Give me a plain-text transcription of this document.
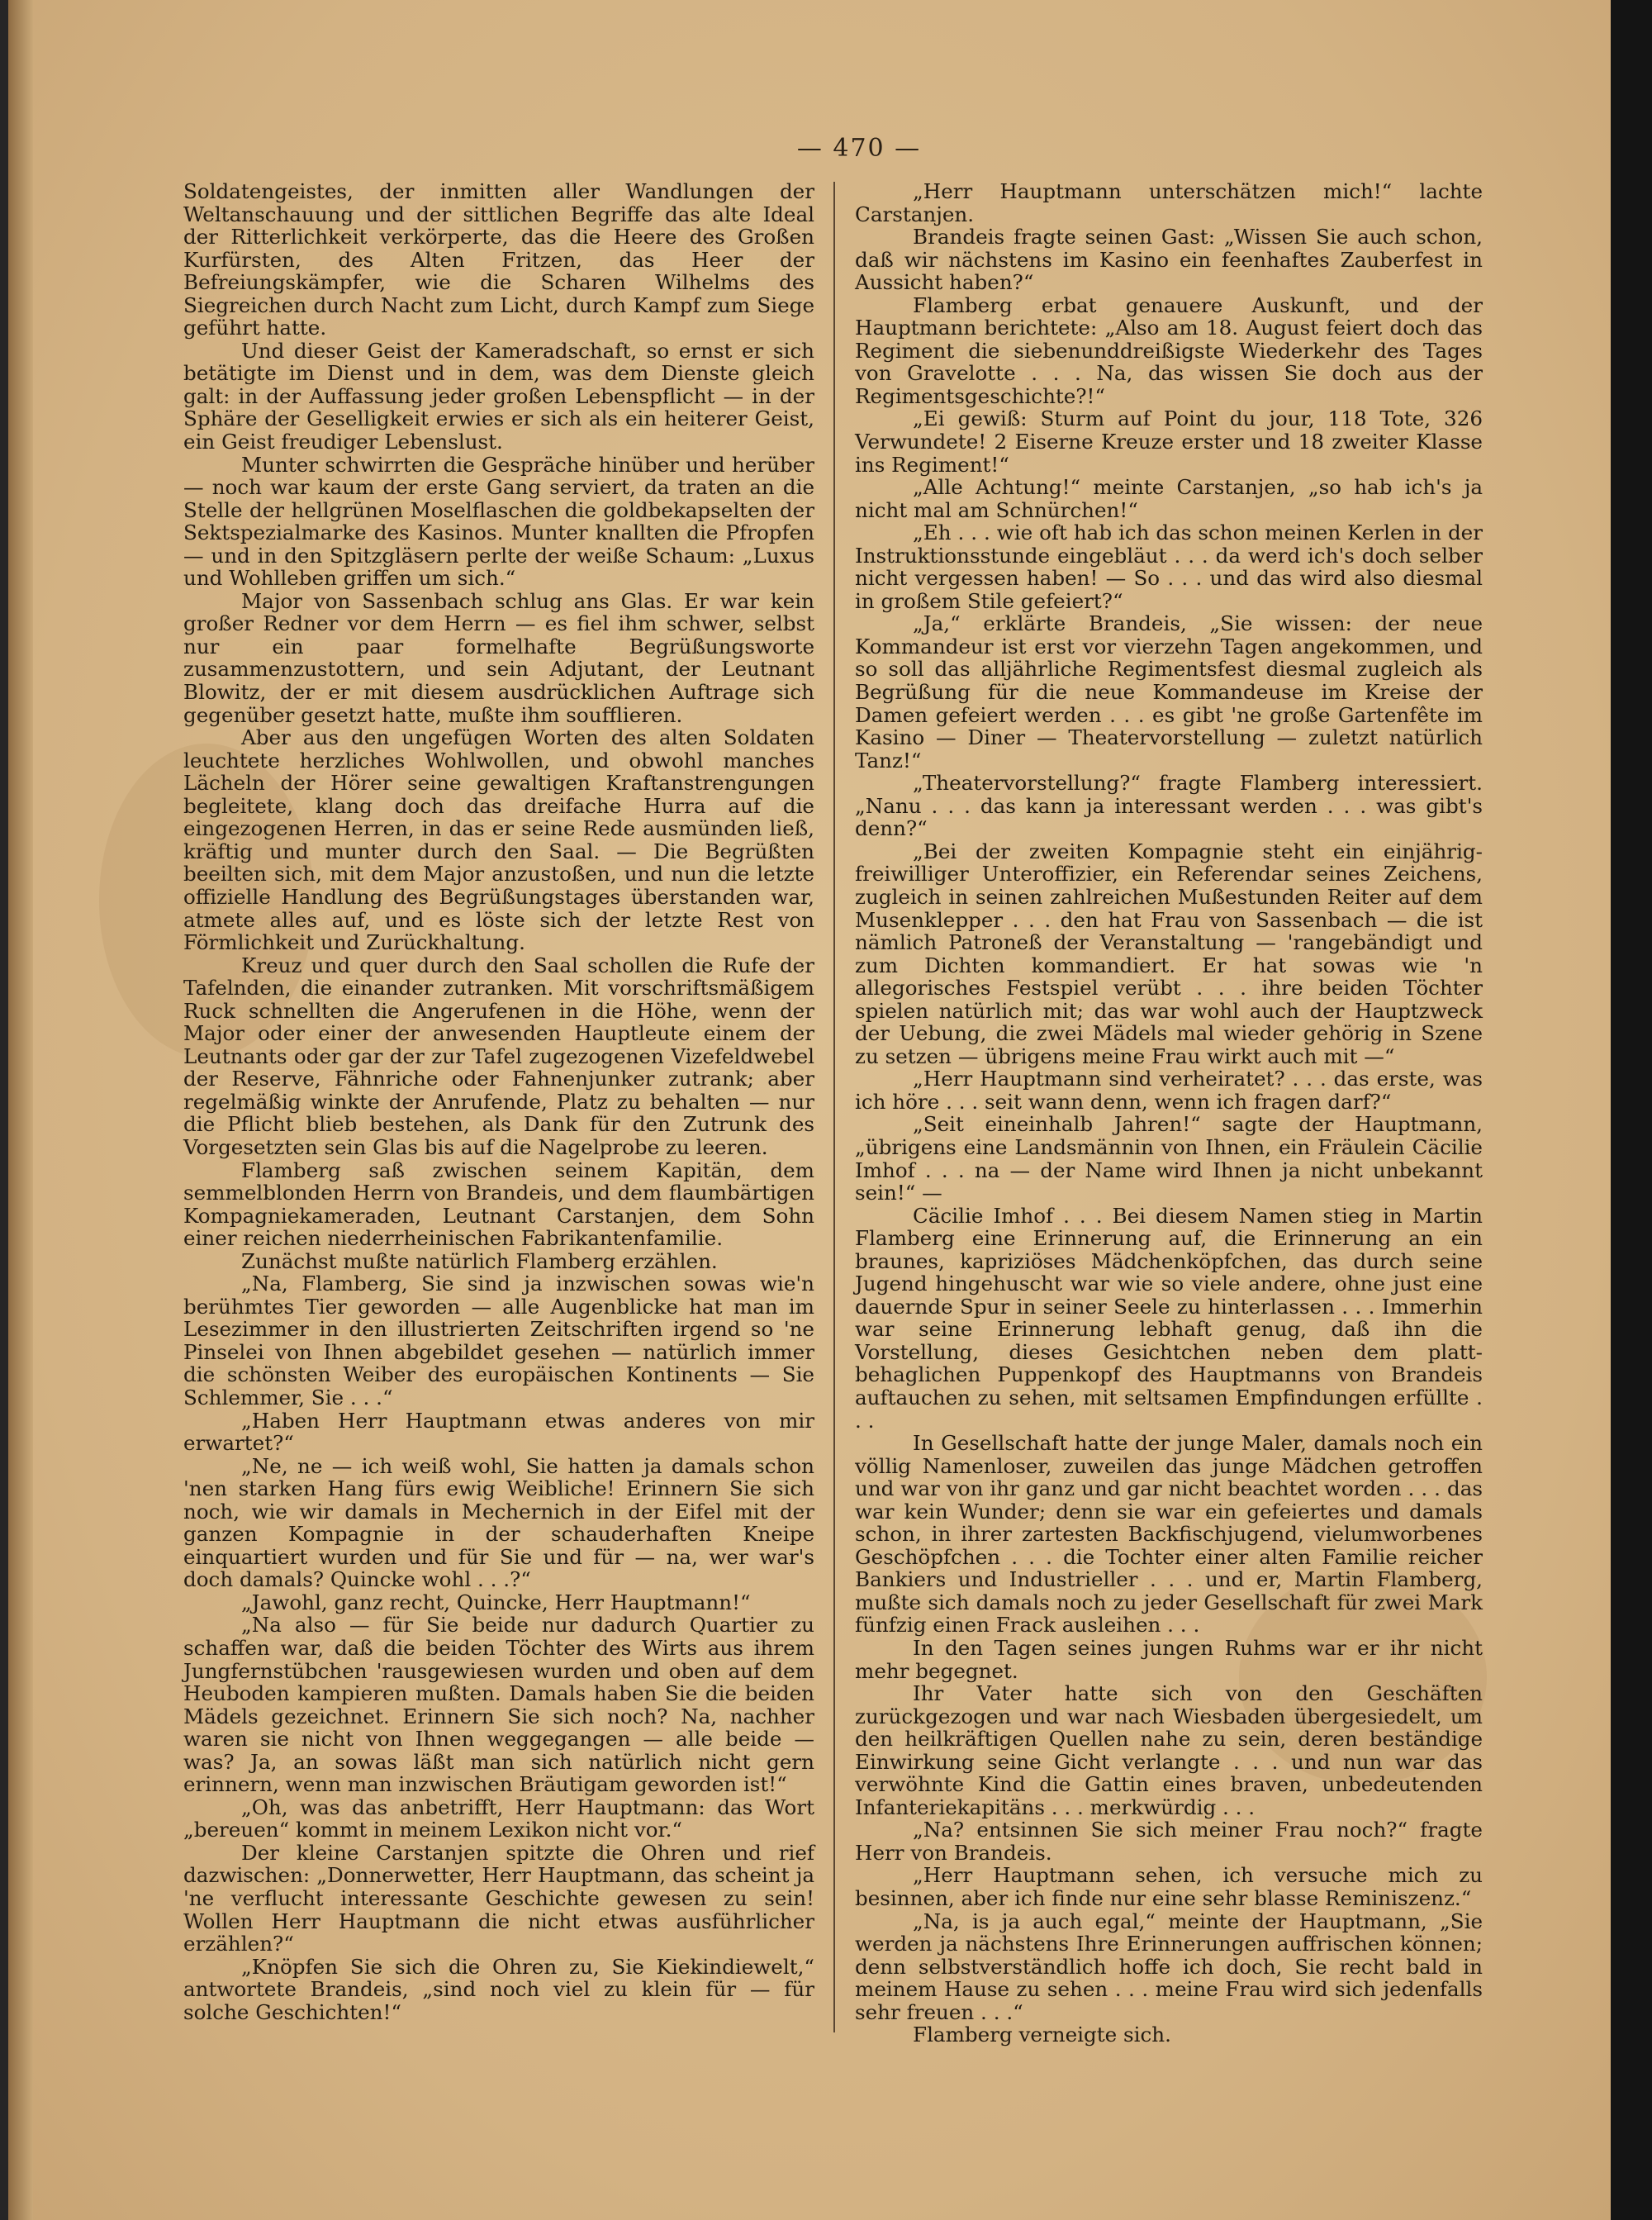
— 470 —

Soldatengeistes, der inmitten aller Wandlungen der Weltanschauung und der sittlichen Begriffe das alte Ideal der Ritterlichkeit verkörperte, das die Heere des Großen Kurfürsten, des Alten Fritzen, das Heer der Befreiungskämpfer, wie die Scharen Wilhelms des Siegreichen durch Nacht zum Licht, durch Kampf zum Siege geführt hatte.

Und dieser Geist der Kameradschaft, so ernst er sich betätigte im Dienst und in dem, was dem Dienste gleich galt: in der Auffassung jeder großen Lebenspflicht — in der Sphäre der Geselligkeit erwies er sich als ein heiterer Geist, ein Geist freudiger Lebenslust.

Munter schwirrten die Gespräche hinüber und herüber — noch war kaum der erste Gang serviert, da traten an die Stelle der hellgrünen Moselflaschen die goldbekapselten der Sektspezialmarke des Kasinos. Munter knallten die Pfropfen — und in den Spitzgläsern perlte der weiße Schaum: „Luxus und Wohlleben griffen um sich.“

Major von Sassenbach schlug ans Glas. Er war kein großer Redner vor dem Herrn — es fiel ihm schwer, selbst nur ein paar formelhafte Begrüßungsworte zusammenzustottern, und sein Adjutant, der Leutnant Blowitz, der er mit diesem ausdrücklichen Auftrage sich gegenüber gesetzt hatte, mußte ihm soufflieren.

Aber aus den ungefügen Worten des alten Soldaten leuchtete herzliches Wohlwollen, und obwohl manches Lächeln der Hörer seine gewaltigen Kraftanstrengungen begleitete, klang doch das dreifache Hurra auf die eingezogenen Herren, in das er seine Rede ausmünden ließ, kräftig und munter durch den Saal. — Die Begrüßten beeilten sich, mit dem Major anzustoßen, und nun die letzte offizielle Handlung des Begrüßungstages überstanden war, atmete alles auf, und es löste sich der letzte Rest von Förmlichkeit und Zurückhaltung.

Kreuz und quer durch den Saal schollen die Rufe der Tafelnden, die einander zutranken. Mit vorschriftsmäßigem Ruck schnellten die Angerufenen in die Höhe, wenn der Major oder einer der anwesenden Hauptleute einem der Leutnants oder gar der zur Tafel zugezogenen Vizefeldwebel der Reserve, Fähnriche oder Fahnenjunker zutrank; aber regelmäßig winkte der Anrufende, Platz zu behalten — nur die Pflicht blieb bestehen, als Dank für den Zutrunk des Vorgesetzten sein Glas bis auf die Nagelprobe zu leeren.

Flamberg saß zwischen seinem Kapitän, dem semmelblonden Herrn von Brandeis, und dem flaumbärtigen Kompagniekameraden, Leutnant Carstanjen, dem Sohn einer reichen niederrheinischen Fabrikantenfamilie.

Zunächst mußte natürlich Flamberg erzählen.

„Na, Flamberg, Sie sind ja inzwischen sowas wie'n berühmtes Tier geworden — alle Augenblicke hat man im Lesezimmer in den illustrierten Zeitschriften irgend so 'ne Pinselei von Ihnen abgebildet gesehen — natürlich immer die schönsten Weiber des europäischen Kontinents — Sie Schlemmer, Sie . . .“

„Haben Herr Hauptmann etwas anderes von mir erwartet?“

„Ne, ne — ich weiß wohl, Sie hatten ja damals schon 'nen starken Hang fürs ewig Weibliche! Erinnern Sie sich noch, wie wir damals in Mechernich in der Eifel mit der ganzen Kompagnie in der schauderhaften Kneipe einquartiert wurden und für Sie und für — na, wer war's doch damals? Quincke wohl . . .?“

„Jawohl, ganz recht, Quincke, Herr Hauptmann!“

„Na also — für Sie beide nur dadurch Quartier zu schaffen war, daß die beiden Töchter des Wirts aus ihrem Jungfernstübchen 'rausgewiesen wurden und oben auf dem Heuboden kampieren mußten. Damals haben Sie die beiden Mädels gezeichnet. Erinnern Sie sich noch? Na, nachher waren sie nicht von Ihnen weggegangen — alle beide — was? Ja, an sowas läßt man sich natürlich nicht gern erinnern, wenn man inzwischen Bräutigam geworden ist!“

„Oh, was das anbetrifft, Herr Hauptmann: das Wort „bereuen“ kommt in meinem Lexikon nicht vor.“

Der kleine Carstanjen spitzte die Ohren und rief dazwischen: „Donnerwetter, Herr Hauptmann, das scheint ja 'ne verflucht interessante Geschichte gewesen zu sein! Wollen Herr Hauptmann die nicht etwas ausführlicher erzählen?“

„Knöpfen Sie sich die Ohren zu, Sie Kiekindiewelt,“ antwortete Brandeis, „sind noch viel zu klein für — für solche Geschichten!“

„Herr Hauptmann unterschätzen mich!“ lachte Carstanjen.

Brandeis fragte seinen Gast: „Wissen Sie auch schon, daß wir nächstens im Kasino ein feenhaftes Zauberfest in Aussicht haben?“

Flamberg erbat genauere Auskunft, und der Hauptmann berichtete: „Also am 18. August feiert doch das Regiment die siebenunddreißigste Wiederkehr des Tages von Gravelotte . . . Na, das wissen Sie doch aus der Regimentsgeschichte?!“

„Ei gewiß: Sturm auf Point du jour, 118 Tote, 326 Verwundete! 2 Eiserne Kreuze erster und 18 zweiter Klasse ins Regiment!“

„Alle Achtung!“ meinte Carstanjen, „so hab ich's ja nicht mal am Schnürchen!“

„Eh . . . wie oft hab ich das schon meinen Kerlen in der Instruktionsstunde eingebläut . . . da werd ich's doch selber nicht vergessen haben! — So . . . und das wird also diesmal in großem Stile gefeiert?“

„Ja,“ erklärte Brandeis, „Sie wissen: der neue Kommandeur ist erst vor vierzehn Tagen angekommen, und so soll das alljährliche Regimentsfest diesmal zugleich als Begrüßung für die neue Kommandeuse im Kreise der Damen gefeiert werden . . . es gibt 'ne große Gartenfête im Kasino — Diner — Theatervorstellung — zuletzt natürlich Tanz!“

„Theatervorstellung?“ fragte Flamberg interessiert. „Nanu . . . das kann ja interessant werden . . . was gibt's denn?“

„Bei der zweiten Kompagnie steht ein einjährig-freiwilliger Unteroffizier, ein Referendar seines Zeichens, zugleich in seinen zahlreichen Mußestunden Reiter auf dem Musenklepper . . . den hat Frau von Sassenbach — die ist nämlich Patroneß der Veranstaltung — 'rangebändigt und zum Dichten kommandiert. Er hat sowas wie 'n allegorisches Festspiel verübt . . . ihre beiden Töchter spielen natürlich mit; das war wohl auch der Hauptzweck der Uebung, die zwei Mädels mal wieder gehörig in Szene zu setzen — übrigens meine Frau wirkt auch mit —“

„Herr Hauptmann sind verheiratet? . . . das erste, was ich höre . . . seit wann denn, wenn ich fragen darf?“

„Seit eineinhalb Jahren!“ sagte der Hauptmann, „übrigens eine Landsmännin von Ihnen, ein Fräulein Cäcilie Imhof . . . na — der Name wird Ihnen ja nicht unbekannt sein!“ —

Cäcilie Imhof . . . Bei diesem Namen stieg in Martin Flamberg eine Erinnerung auf, die Erinnerung an ein braunes, kapriziöses Mädchenköpfchen, das durch seine Jugend hingehuscht war wie so viele andere, ohne just eine dauernde Spur in seiner Seele zu hinterlassen . . . Immerhin war seine Erinnerung lebhaft genug, daß ihn die Vorstellung, dieses Gesichtchen neben dem platt-behaglichen Puppenkopf des Hauptmanns von Brandeis auftauchen zu sehen, mit seltsamen Empfindungen erfüllte . . .

In Gesellschaft hatte der junge Maler, damals noch ein völlig Namenloser, zuweilen das junge Mädchen getroffen und war von ihr ganz und gar nicht beachtet worden . . . das war kein Wunder; denn sie war ein gefeiertes und damals schon, in ihrer zartesten Backfischjugend, vielumworbenes Geschöpfchen . . . die Tochter einer alten Familie reicher Bankiers und Industrieller . . . und er, Martin Flamberg, mußte sich damals noch zu jeder Gesellschaft für zwei Mark fünfzig einen Frack ausleihen . . .

In den Tagen seines jungen Ruhms war er ihr nicht mehr begegnet.

Ihr Vater hatte sich von den Geschäften zurückgezogen und war nach Wiesbaden übergesiedelt, um den heilkräftigen Quellen nahe zu sein, deren beständige Einwirkung seine Gicht verlangte . . . und nun war das verwöhnte Kind die Gattin eines braven, unbedeutenden Infanteriekapitäns . . . merkwürdig . . .

„Na? entsinnen Sie sich meiner Frau noch?“ fragte Herr von Brandeis.

„Herr Hauptmann sehen, ich versuche mich zu besinnen, aber ich finde nur eine sehr blasse Reminiszenz.“

„Na, is ja auch egal,“ meinte der Hauptmann, „Sie werden ja nächstens Ihre Erinnerungen auffrischen können; denn selbstverständlich hoffe ich doch, Sie recht bald in meinem Hause zu sehen . . . meine Frau wird sich jedenfalls sehr freuen . . .“

Flamberg verneigte sich.
